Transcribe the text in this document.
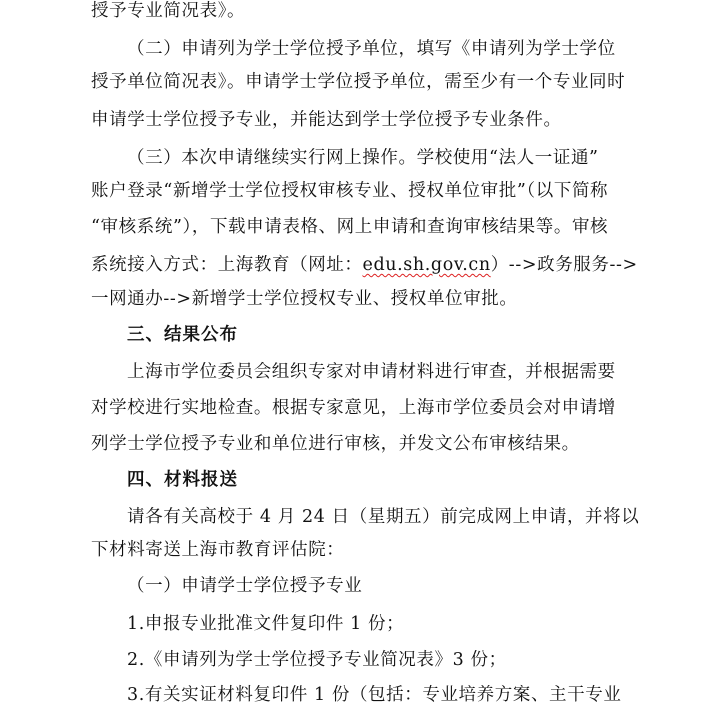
授予专业简况表》。
（二）申请列为学士学位授予单位，填写《申请列为学士学位
授予单位简况表》。申请学士学位授予单位，需至少有一个专业同时
申请学士学位授予专业，并能达到学士学位授予专业条件。
（三）本次申请继续实行网上操作。学校使用“法人一证通”
账户登录“新增学士学位授权审核专业、授权单位审批”（以下简称
“审核系统”），下载申请表格、网上申请和查询审核结果等。审核
系统接入方式：上海教育（网址：edu.sh.gov.cn）-->政务服务-->
一网通办-->新增学士学位授权专业、授权单位审批。
三、结果公布
上海市学位委员会组织专家对申请材料进行审查，并根据需要
对学校进行实地检查。根据专家意见，上海市学位委员会对申请增
列学士学位授予专业和单位进行审核，并发文公布审核结果。
四、材料报送
请各有关高校于 4 月 24 日（星期五）前完成网上申请，并将以
下材料寄送上海市教育评估院：
（一）申请学士学位授予专业
1.申报专业批准文件复印件 1 份；
2.《申请列为学士学位授予专业简况表》3 份；
3.有关实证材料复印件 1 份（包括：专业培养方案、主干专业
